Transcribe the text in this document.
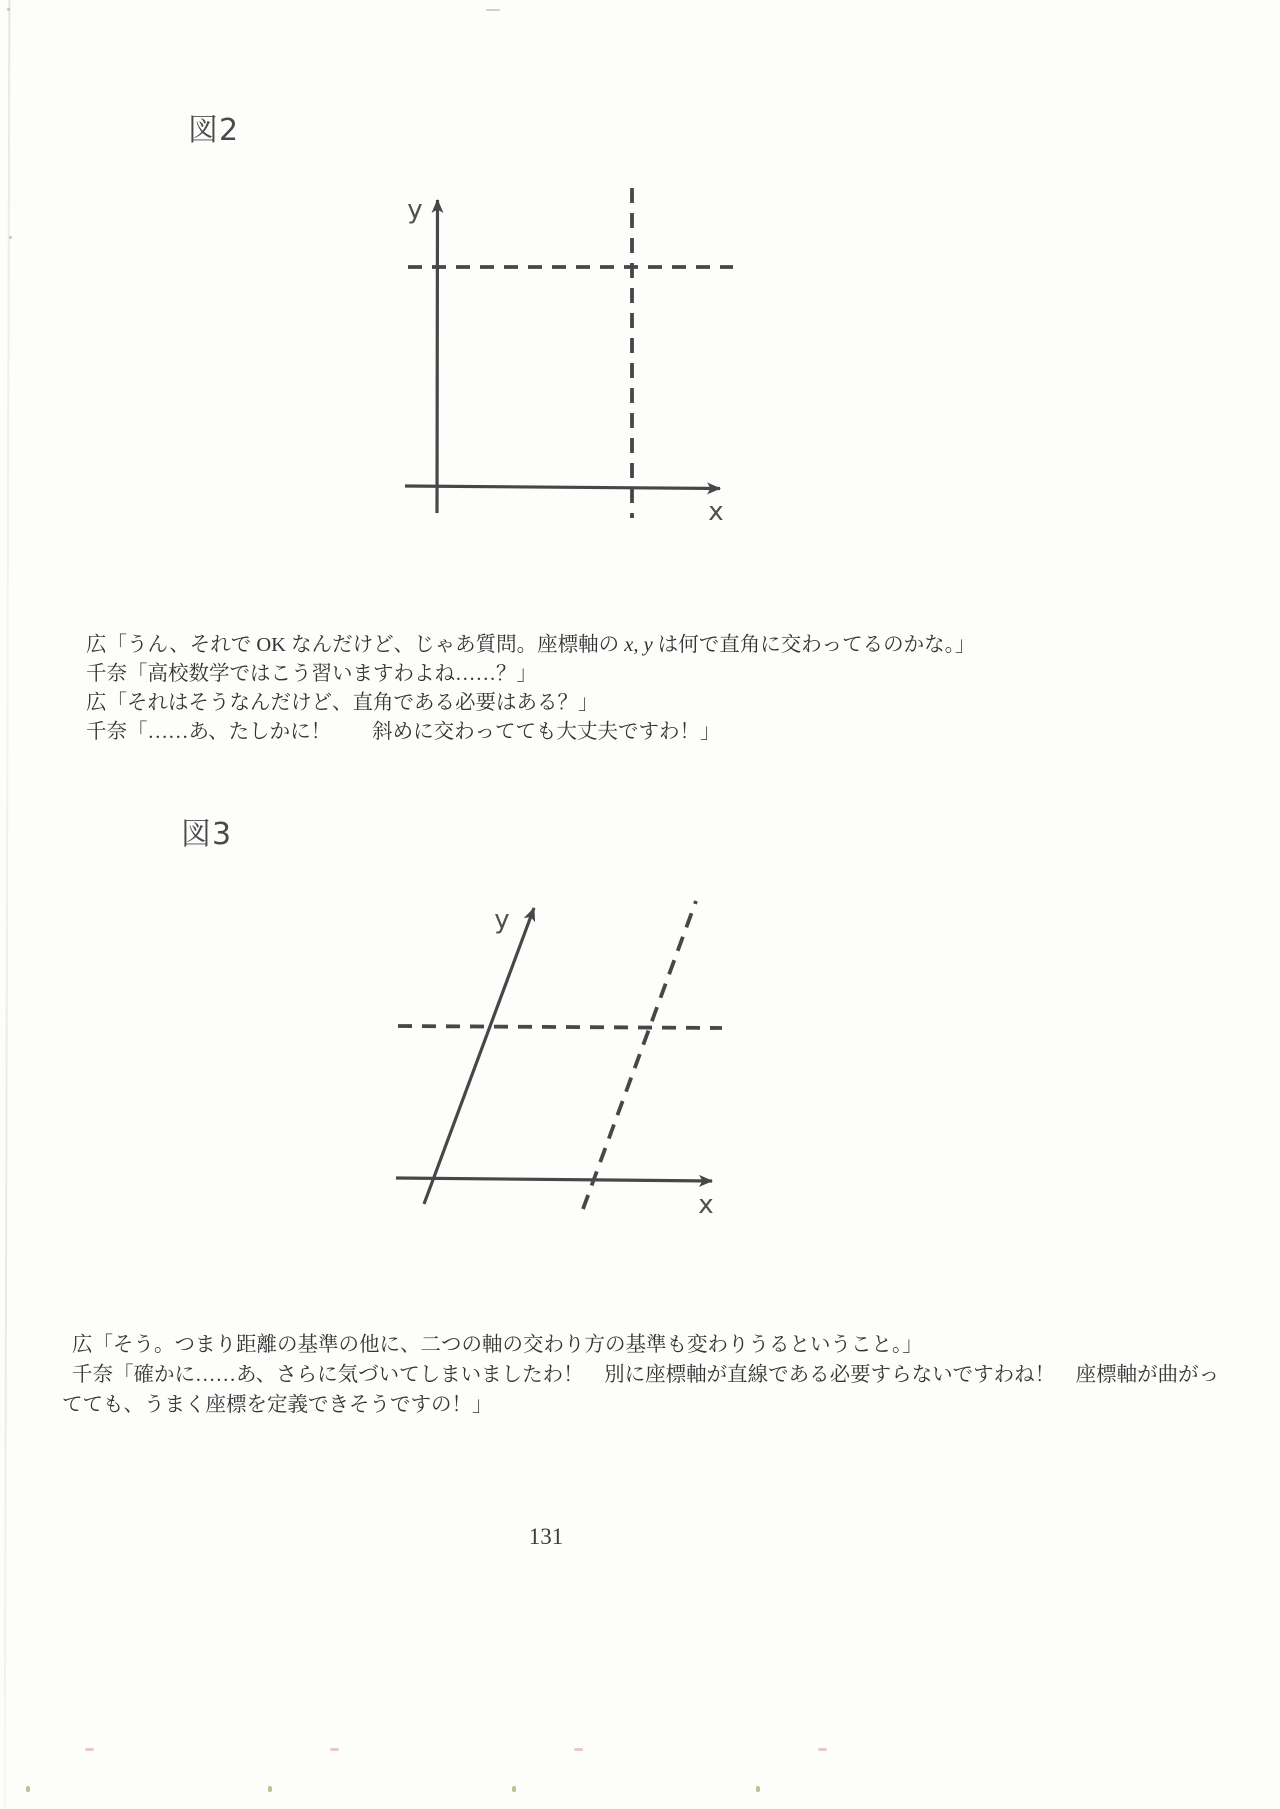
図2
y
x
広「うん、それで OK なんだけど、じゃあ質問。座標軸の x, y は何で直角に交わってるのかな。」
千奈「高校数学ではこう習いますわよね……？」
広「それはそうなんだけど、直角である必要はある？」
千奈「……あ、たしかに！　　斜めに交わってても大丈夫ですわ！」
図3
y
x
広「そう。つまり距離の基準の他に、二つの軸の交わり方の基準も変わりうるということ。」
千奈「確かに……あ、さらに気づいてしまいましたわ！　別に座標軸が直線である必要すらないですわね！　座標軸が曲がっ
てても、うまく座標を定義できそうですの！」
131
